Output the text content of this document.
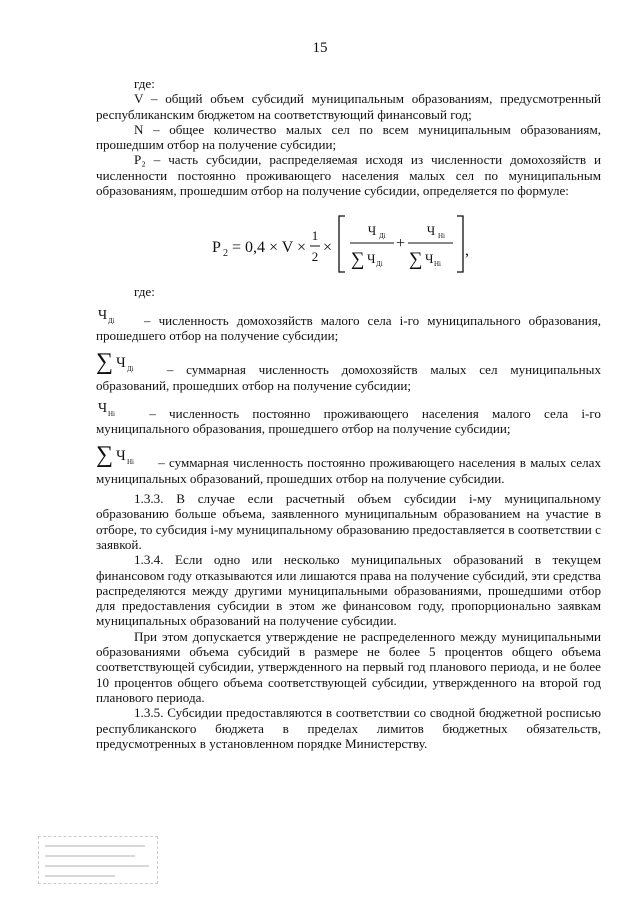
15

где:

V – общий объем субсидий муниципальным образованиям, предусмотренный республиканским бюджетом на соответствующий финансовый год;

N – общее количество малых сел по всем муниципальным образованиям, прошедшим отбор на получение субсидии;

P₂ – часть субсидии, распределяемая исходя из численности домохозяйств и численности постоянно проживающего населения малых сел по муниципальным образованиям, прошедшим отбор на получение субсидии, определяется по формуле:

P 2 = 0,4 × V ×
1
2
×
Ч Дi
∑ Ч Дi
+
Ч Нi
∑ Ч Нi
,

где:

Ч Дi – численность домохозяйств малого села i-го муниципального образования, прошедшего отбор на получение субсидии;

∑ Ч Дi	– суммарная численность домохозяйств малых сел муниципальных образований, прошедших отбор на получение субсидии;

Ч Нi	– численность постоянно проживающего населения малого села i-го муниципального образования, прошедшего отбор на получение субсидии;

∑ Ч Нi – суммарная численность постоянно проживающего населения в малых селах муниципальных образований, прошедших отбор на получение субсидии.

1.3.3. В случае если расчетный объем субсидии i-му муниципальному образованию больше объема, заявленного муниципальным образованием на участие в отборе, то субсидия i-му муниципальному образованию предоставляется в соответствии с заявкой.

1.3.4. Если одно или несколько муниципальных образований в текущем финансовом году отказываются или лишаются права на получение субсидий, эти средства распределяются между другими муниципальными образованиями, прошедшими отбор для предоставления субсидии в этом же финансовом году, пропорционально заявкам муниципальных образований на получение субсидии.

При этом допускается утверждение не распределенного между муниципальными образованиями объема субсидий в размере не более 5 процентов общего объема соответствующей субсидии, утвержденного на первый год планового периода, и не более 10 процентов общего объема соответствующей субсидии, утвержденного на второй год планового периода.

1.3.5. Субсидии предоставляются в соответствии со сводной бюджетной росписью республиканского бюджета в пределах лимитов бюджетных обязательств, предусмотренных в установленном порядке Министерству.
